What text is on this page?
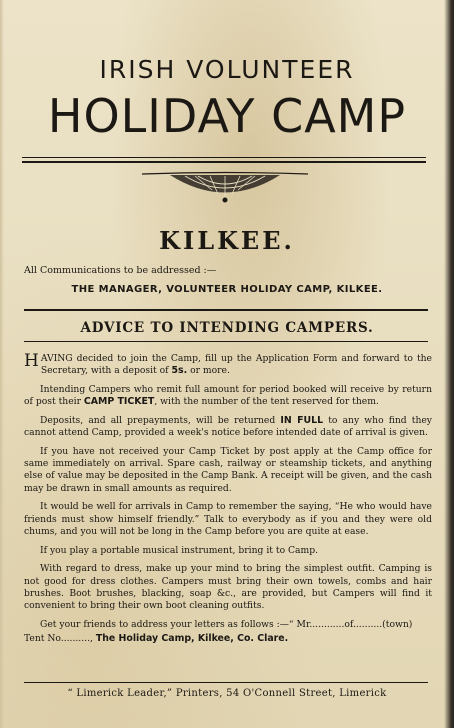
IRISH VOLUNTEER
HOLIDAY CAMP
KILKEE.
All Communications to be addressed :—
THE MANAGER, VOLUNTEER HOLIDAY CAMP, KILKEE.
ADVICE TO INTENDING CAMPERS.

HAVING decided to join the Camp, fill up the Application Form and forward to the Secretary, with a deposit of 5s. or more.

Intending Campers who remit full amount for period booked will receive by return of post their CAMP TICKET, with the number of the tent reserved for them.

Deposits, and all prepayments, will be returned IN FULL to any who find they cannot attend Camp, provided a week's notice before intended date of arrival is given.

If you have not received your Camp Ticket by post apply at the Camp office for same immediately on arrival. Spare cash, railway or steamship tickets, and anything else of value may be deposited in the Camp Bank. A receipt will be given, and the cash may be drawn in small amounts as required.

It would be well for arrivals in Camp to remember the saying, “He who would have friends must show himself friendly.” Talk to everybody as if you and they were old chums, and you will not be long in the Camp before you are quite at ease.

If you play a portable musical instrument, bring it to Camp.

With regard to dress, make up your mind to bring the simplest outfit. Camping is not good for dress clothes. Campers must bring their own towels, combs and hair brushes. Boot brushes, blacking, soap &c., are provided, but Campers will find it convenient to bring their own boot cleaning outfits.

Get your friends to address your letters as follows :—“ Mr............of..........(town)

Tent No.........., The Holiday Camp, Kilkee, Co. Clare.

“ Limerick Leader,” Printers, 54 O'Connell Street, Limerick
